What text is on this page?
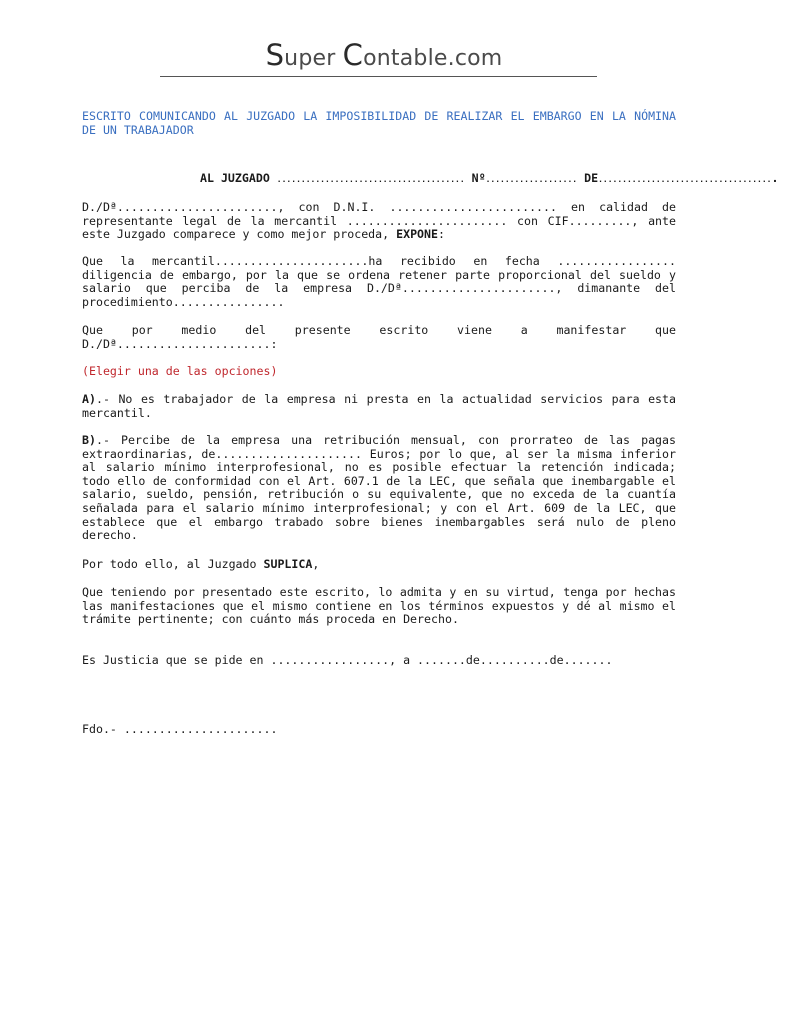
Super Contable.com
ESCRITO COMUNICANDO AL JUZGADO LA IMPOSIBILIDAD DE REALIZAR EL EMBARGO EN LA NÓMINA DE UN TRABAJADOR
AL JUZGADO ....................................... Nº................... DE.....................................
D./Dª......................., con D.N.I. ........................ en calidad de representante legal de la mercantil ....................... con CIF........., ante este Juzgado comparece y como mejor proceda, EXPONE:
Que la mercantil......................ha recibido en fecha ................. diligencia de embargo, por la que se ordena retener parte proporcional del sueldo y salario que perciba de la empresa D./Dª......................, dimanante del procedimiento................
Que por medio del presente escrito viene a manifestar que D./Dª......................:
(Elegir una de las opciones)
A).- No es trabajador de la empresa ni presta en la actualidad servicios para esta mercantil.
B).- Percibe de la empresa una retribución mensual, con prorrateo de las pagas extraordinarias, de..................... Euros; por lo que, al ser la misma inferior al salario mínimo interprofesional, no es posible efectuar la retención indicada; todo ello de conformidad con el Art. 607.1 de la LEC, que señala que inembargable el salario, sueldo, pensión, retribución o su equivalente, que no exceda de la cuantía señalada para el salario mínimo interprofesional; y con el Art. 609 de la LEC, que establece que el embargo trabado sobre bienes inembargables será nulo de pleno derecho.
Por todo ello, al Juzgado SUPLICA,
Que teniendo por presentado este escrito, lo admita y en su virtud, tenga por hechas las manifestaciones que el mismo contiene en los términos expuestos y dé al mismo el trámite pertinente; con cuánto más proceda en Derecho.
Es Justicia que se pide en ................., a .......de..........de.......
Fdo.- ......................
